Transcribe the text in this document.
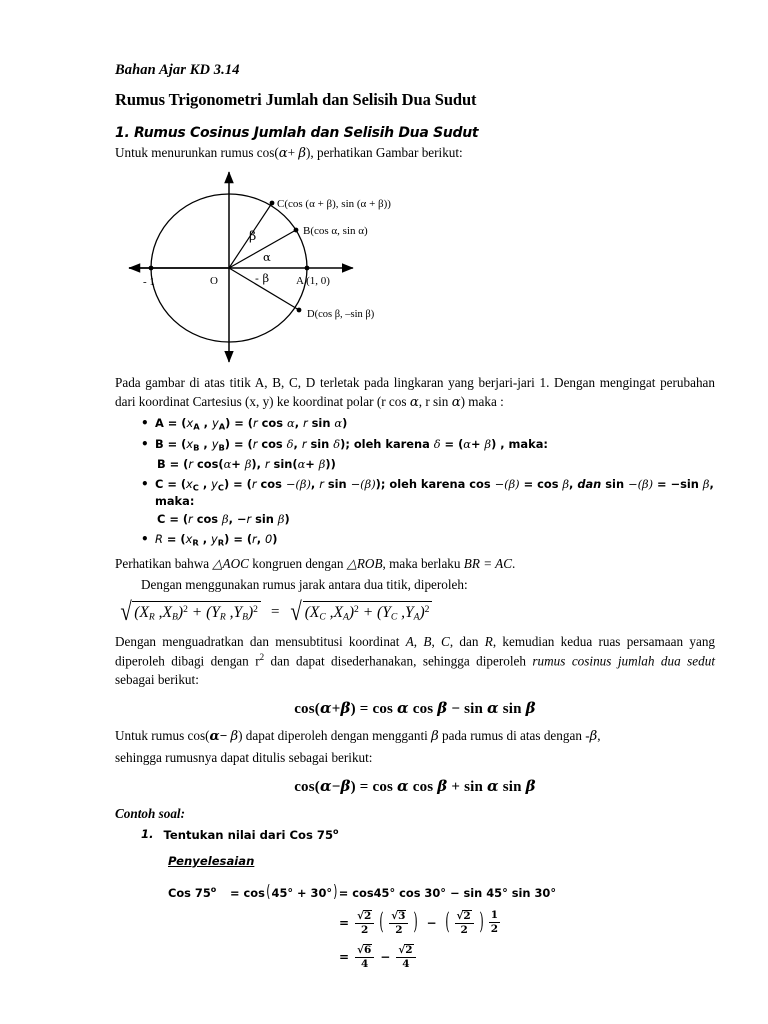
Bahan Ajar KD 3.14
Rumus Trigonometri Jumlah dan Selisih Dua Sudut
1. Rumus Cosinus Jumlah dan Selisih Dua Sudut

Untuk menurunkan rumus cos(α+ β), perhatikan Gambar berikut:

C(cos (α + β), sin (α + β))
B(cos α, sin α)
D(cos β, –sin β)
A (1, 0)
O
- 1
β
α
- β

Pada gambar di atas titik A, B, C, D terletak pada lingkaran yang berjari-jari 1. Dengan mengingat perubahan dari koordinat Cartesius (x, y) ke koordinat polar (r cos α, r sin α) maka :

• $A = (x_A$ , $y_A) = (r$ cos α, r sin α)
• $B = (x_B$ , $y_B) = (r$ cos δ, r sin δ); oleh karena δ = (α+ β) , maka:
B = (r cos(α+ β), r sin(α+ β))
• $C = (x_C$ , $y_C) = (r$ cos −(β), r sin −(β)); oleh karena cos −(β) = cos β, dan sin −(β) = −sin β, maka:
C = (r cos β, −r sin β)
• $R = (x_R$ , $y_R) = (r$, 0)

Perhatikan bahwa △AOC kongruen dengan △ROB, maka berlaku BR = AC.

Dengan menggunakan rumus jarak antara dua titik, diperoleh:

√ (XR ,XB)$^2$ + (YR ,YB)$^2$ = √ (XC ,XA)$^2$ + (YC ,YA)$^2$

Dengan menguadratkan dan mensubtitusi koordinat A, B, C, dan R, kemudian kedua ruas persamaan yang diperoleh dibagi dengan $r^2$ dan dapat disederhanakan, sehingga diperoleh rumus cosinus jumlah dua sedut sebagai berikut:

cos(α+β) = cos α cos β − sin α sin β

Untuk rumus cos(α− β) dapat diperoleh dengan mengganti β pada rumus di atas dengan -β,

sehingga rumusnya dapat ditulis sebagai berikut:

cos(α−β) = cos α cos β + sin α sin β
Contoh soal:
1. Tentukan nilai dari Cos 75$^o$
Penyelesaian
Cos $75^o$	= cos(45° + 30°)= cos45° cos 30° − sin 45° sin 30°
= $\frac{√2}{2}$ ( $\frac{√3}{2}$ ) − ( $\frac{√2}{2}$ ) $\frac{1}{2}$
= $\frac{√6}{4} - \frac{√2}{4}$
